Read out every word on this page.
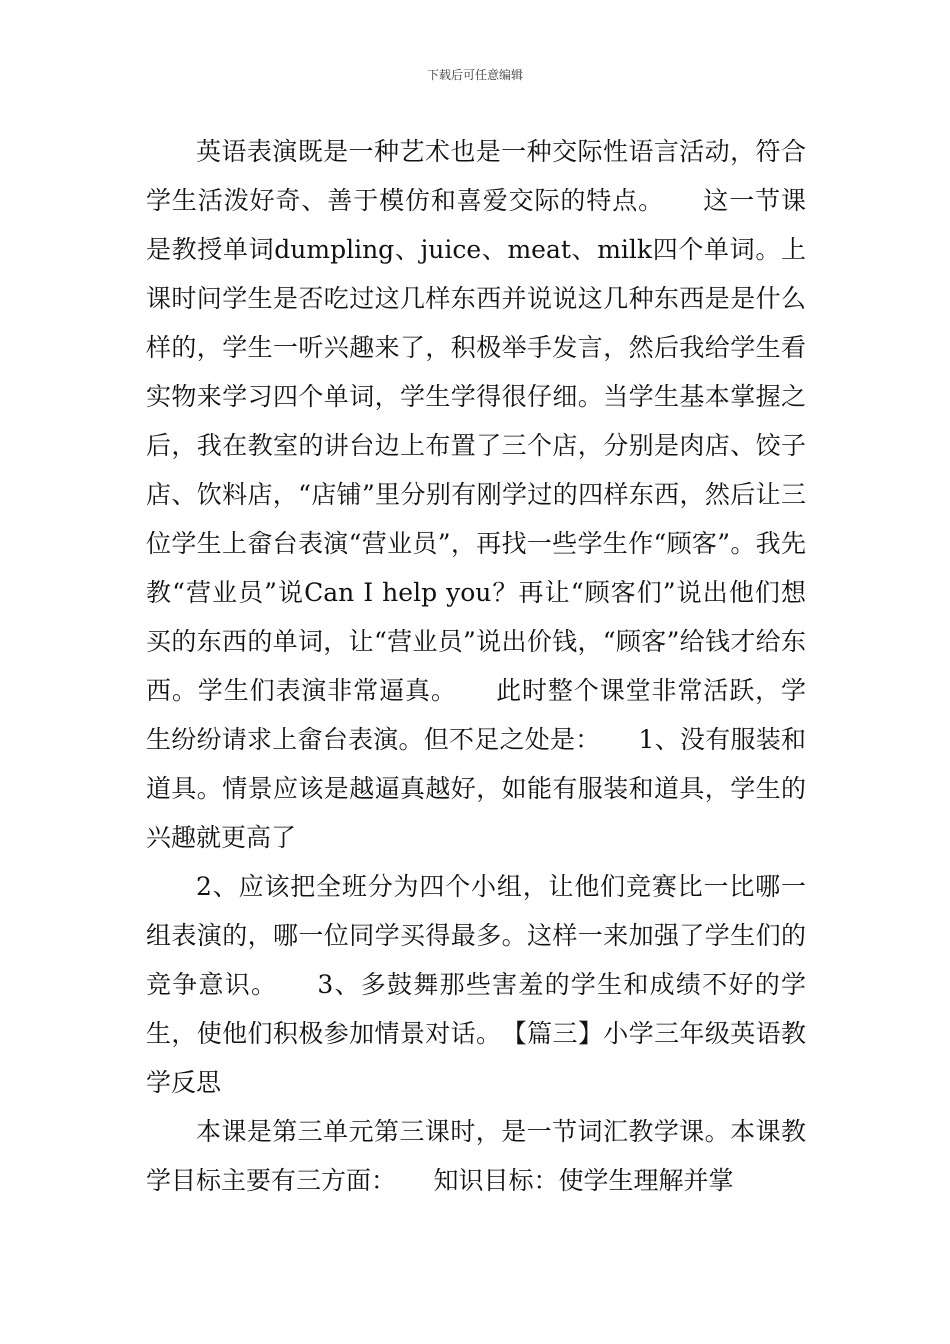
下载后可任意编辑

英语表演既是一种艺术也是一种交际性语言活动，符合学生活泼好奇、善于模仿和喜爱交际的特点。　　这一节课是教授单词dumpling、juice、meat、milk四个单词。上课时问学生是否吃过这几样东西并说说这几种东西是是什么样的，学生一听兴趣来了，积极举手发言，然后我给学生看实物来学习四个单词，学生学得很仔细。当学生基本掌握之后，我在教室的讲台边上布置了三个店，分别是肉店、饺子店、饮料店，“店铺”里分别有刚学过的四样东西，然后让三位学生上畲台表演“营业员”，再找一些学生作“顾客”。我先教“营业员”说Can I help you？再让“顾客们”说出他们想买的东西的单词，让“营业员”说出价钱，“顾客”给钱才给东西。学生们表演非常逼真。　　此时整个课堂非常活跃，学生纷纷请求上畲台表演。但不足之处是：　　1、没有服装和道具。情景应该是越逼真越好，如能有服装和道具，学生的兴趣就更高了

2、应该把全班分为四个小组，让他们竞赛比一比哪一组表演的，哪一位同学买得最多。这样一来加强了学生们的竞争意识。　　3、多鼓舞那些害羞的学生和成绩不好的学生，使他们积极参加情景对话。　【篇三】小学三年级英语教学反思

本课是第三单元第三课时，是一节词汇教学课。本课教学目标主要有三方面：　　知识目标：使学生理解并掌
